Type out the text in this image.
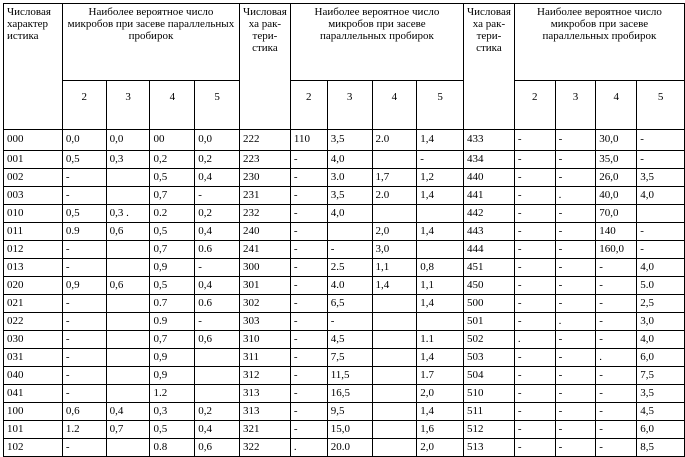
Числовая характер истика	Наиболее вероятное число микробов при засеве параллельных пробирок				Числовая ха рак- тери- стика	Наиболее вероятное число микробов при засеве параллельных пробирок				Числовая ха рак- тери- стика	Наиболее вероятное число микробов при засеве параллельных пробирок			
	2	3	4	5		2	3	4	5		2	3	4	5
000	0,0	0,0	00	0,0	222	110	3,5	2.0	1,4	433	-	-	30,0	-
001	0,5	0,3	0,2	0,2	223	-	4,0		-	434	-	-	35,0	-
002	-		0,5	0,4	230	-	3.0	1,7	1,2	440	-	-	26,0	3,5
003	-		0,7	-	231	-	3,5	2.0	1,4	441	-	.	40,0	4,0
010	0,5	0,3 .	0.2	0,2	232	-	4,0			442	-	-	70,0	
011	0.9	0,6	0,5	0,4	240	-		2,0	1,4	443	-	-	140	-
012	-		0,7	0.6	241	-	-	3,0		444	-	-	160,0	-
013	-		0,9	-	300	-	2.5	1,1	0,8	451	-	-	-	4,0
020	0,9	0,6	0,5	0,4	301	-	4.0	1,4	1,1	450	-	-	-	5.0
021	-		0.7	0.6	302	-	6,5		1,4	500	-	-	-	2,5
022	-		0.9	-	303	-	-			501	-	.	-	3,0
030	-		0,7	0,6	310	-	4,5		1.1	502	.	-	-	4,0
031	-		0,9		311	-	7,5		1,4	503	-	-	.	6,0
040	-		0,9		312	-	11,5		1.7	504	-	-	-	7,5
041	-		1.2		313	-	16,5		2,0	510	-	-	-	3,5
100	0,6	0,4	0,3	0,2	313	-	9,5		1,4	511	-	-	-	4,5
101	1.2	0,7	0,5	0,4	321	-	15,0		1,6	512	-	-	-	6,0
102	-		0.8	0,6	322	.	20.0		2,0	513	-	-	-	8,5
